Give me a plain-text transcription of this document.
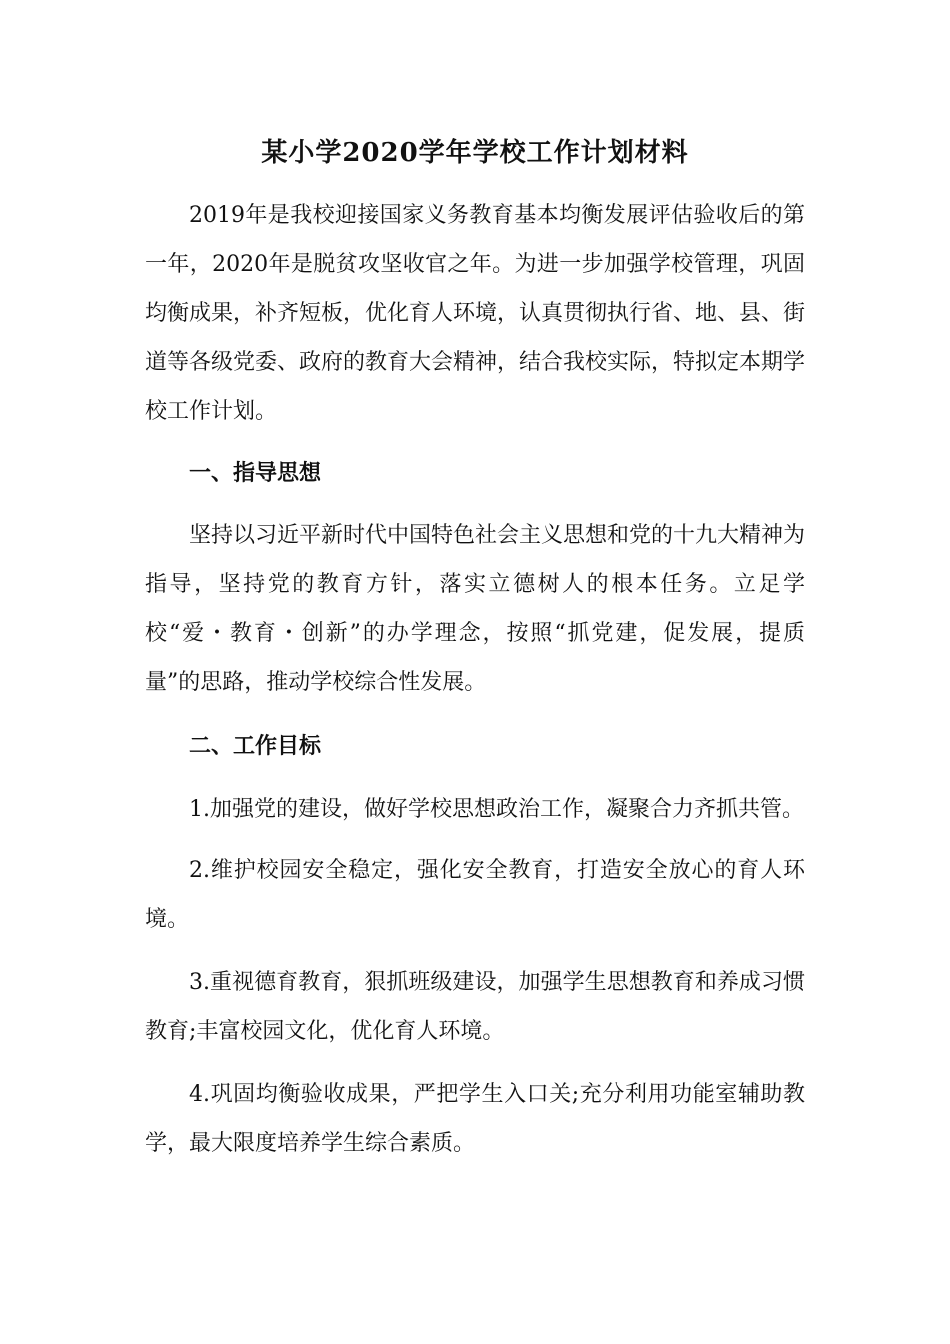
某小学2020学年学校工作计划材料

2019年是我校迎接国家义务教育基本均衡发展评估验收后的第一年，2020年是脱贫攻坚收官之年。为进一步加强学校管理，巩固均衡成果，补齐短板，优化育人环境，认真贯彻执行省、地、县、街道等各级党委、政府的教育大会精神，结合我校实际，特拟定本期学校工作计划。

一、指导思想

坚持以习近平新时代中国特色社会主义思想和党的十九大精神为指导，坚持党的教育方针，落实立德树人的根本任务。立足学校“爱・教育・创新”的办学理念，按照“抓党建，促发展，提质量”的思路，推动学校综合性发展。

二、工作目标

1.加强党的建设，做好学校思想政治工作，凝聚合力齐抓共管。

2.维护校园安全稳定，强化安全教育，打造安全放心的育人环境。

3.重视德育教育，狠抓班级建设，加强学生思想教育和养成习惯教育;丰富校园文化，优化育人环境。

4.巩固均衡验收成果，严把学生入口关;充分利用功能室辅助教学，最大限度培养学生综合素质。
